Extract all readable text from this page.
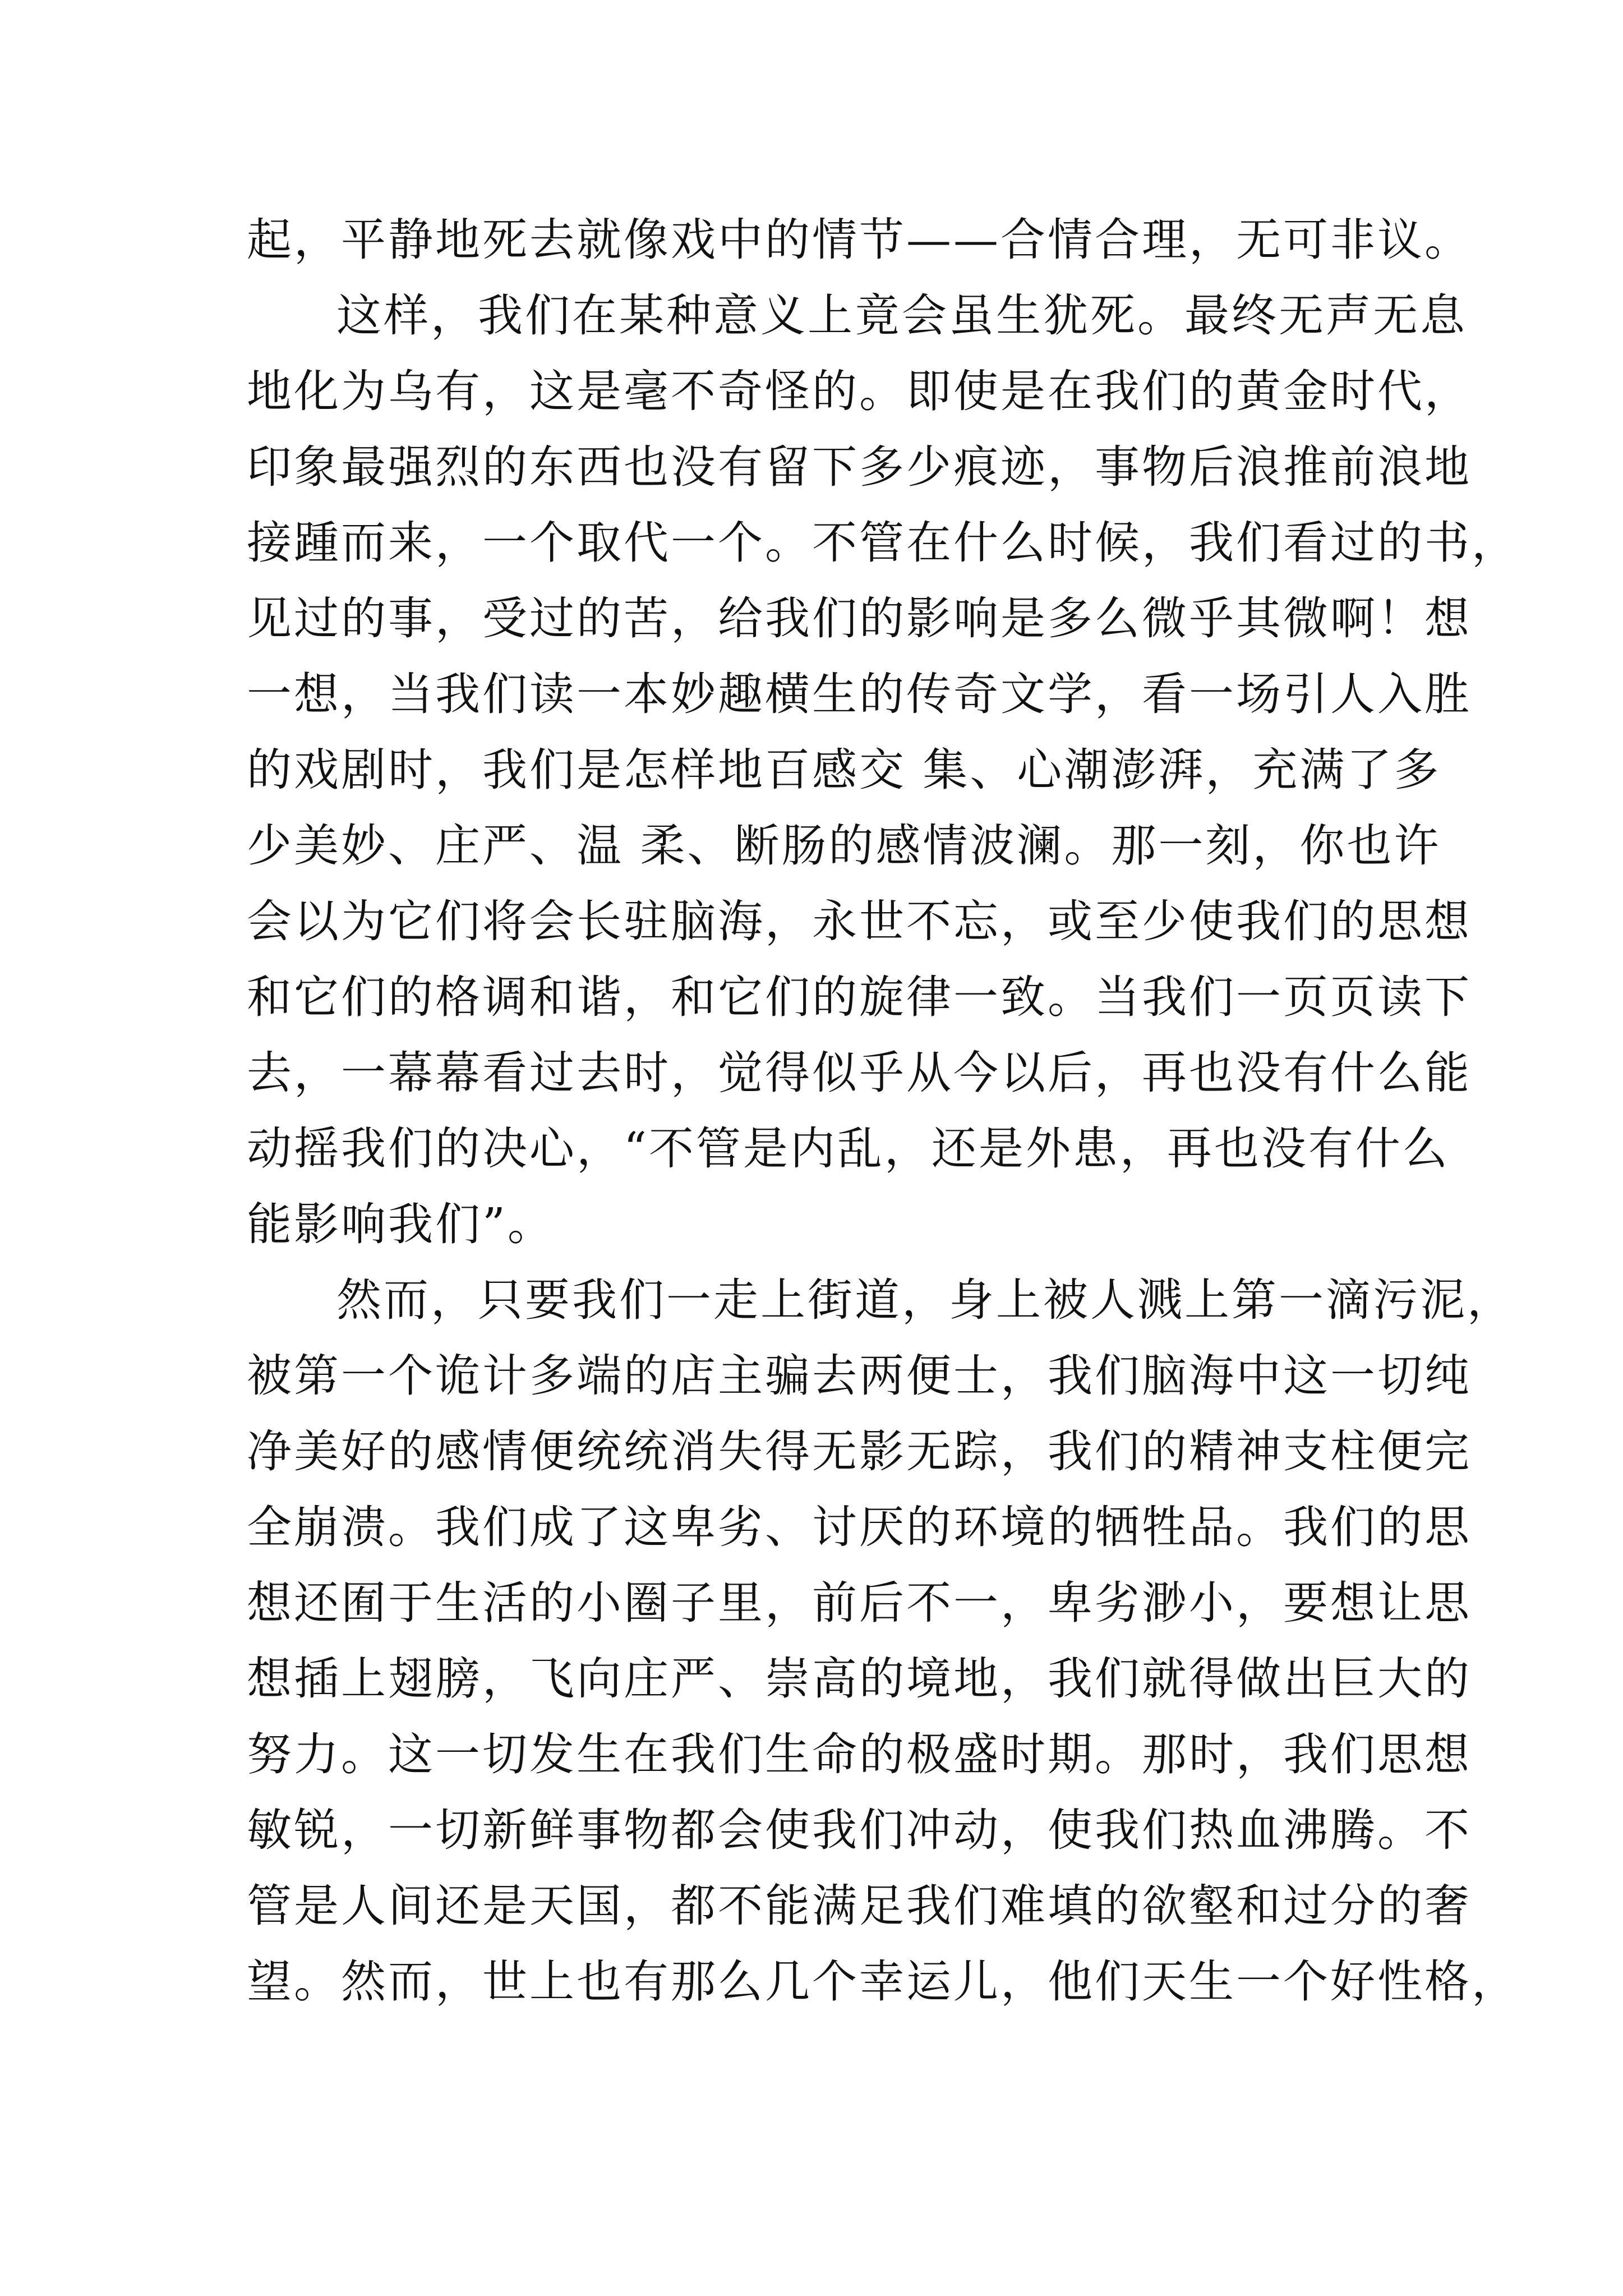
起，平静地死去就像戏中的情节——合情合理，无可非议。
这样，我们在某种意义上竟会虽生犹死。最终无声无息
地化为乌有，这是毫不奇怪的。即使是在我们的黄金时代，
印象最强烈的东西也没有留下多少痕迹，事物后浪推前浪地
接踵而来，一个取代一个。不管在什么时候，我们看过的书，
见过的事，受过的苦，给我们的影响是多么微乎其微啊！想
一想，当我们读一本妙趣横生的传奇文学，看一场引人入胜
的戏剧时，我们是怎样地百感交 集、心潮澎湃，充满了多
少美妙、庄严、温 柔、断肠的感情波澜。那一刻，你也许
会以为它们将会长驻脑海，永世不忘，或至少使我们的思想
和它们的格调和谐，和它们的旋律一致。当我们一页页读下
去，一幕幕看过去时，觉得似乎从今以后，再也没有什么能
动摇我们的决心，“不管是内乱，还是外患，再也没有什么
能影响我们”。
然而，只要我们一走上街道，身上被人溅上第一滴污泥，
被第一个诡计多端的店主骗去两便士，我们脑海中这一切纯
净美好的感情便统统消失得无影无踪，我们的精神支柱便完
全崩溃。我们成了这卑劣、讨厌的环境的牺牲品。我们的思
想还囿于生活的小圈子里，前后不一，卑劣渺小，要想让思
想插上翅膀，飞向庄严、崇高的境地，我们就得做出巨大的
努力。这一切发生在我们生命的极盛时期。那时，我们思想
敏锐，一切新鲜事物都会使我们冲动，使我们热血沸腾。不
管是人间还是天国，都不能满足我们难填的欲壑和过分的奢
望。然而，世上也有那么几个幸运儿，他们天生一个好性格，
